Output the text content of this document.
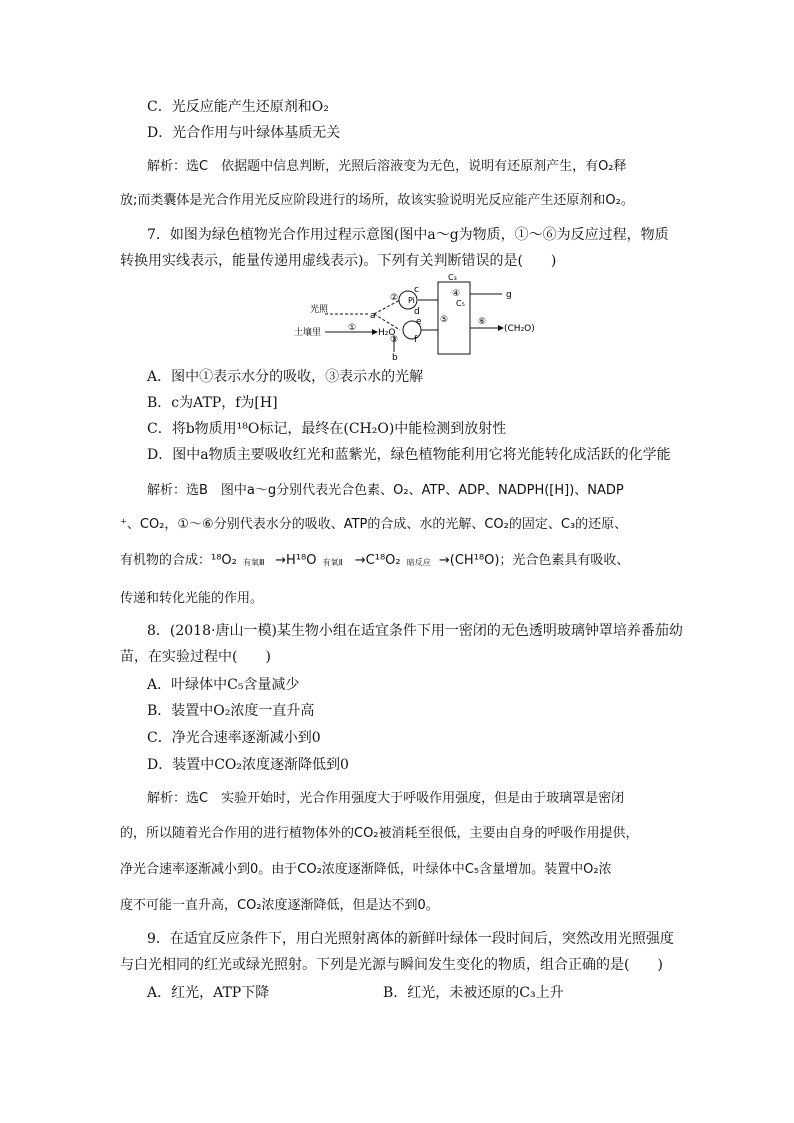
C．光反应能产生还原剂和O₂
D．光合作用与叶绿体基质无关
解析：选C　依据题中信息判断，光照后溶液变为无色，说明有还原剂产生，有O₂释
放;而类囊体是光合作用光反应阶段进行的场所，故该实验说明光反应能产生还原剂和O₂。
7．如图为绿色植物光合作用过程示意图(图中a～g为物质，①～⑥为反应过程，物质
转换用实线表示，能量传递用虚线表示)。下列有关判断错误的是(　　)
光照
土壤里	H₂O
a
b
c
d
e
f
g
Pi
C₃
C₅
(CH₂O)
①
②
③
④
⑤	⑥
A．图中①表示水分的吸收，③表示水的光解
B．c为ATP，f为[H]
C．将b物质用¹⁸O标记，最终在(CH₂O)中能检测到放射性
D．图中a物质主要吸收红光和蓝紫光，绿色植物能利用它将光能转化成活跃的化学能
解析：选B　图中a～g分别代表光合色素、O₂、ATP、ADP、NADPH([H])、NADP
⁺、CO₂，①～⑥分别代表水分的吸收、ATP的合成、水的光解、CO₂的固定、C₃的还原、
有机物的合成：¹⁸O₂ 有氧Ⅲ →H¹⁸O 有氧Ⅱ →C¹⁸O₂ 暗反应 →(CH¹⁸O)；光合色素具有吸收、
传递和转化光能的作用。
8．(2018·唐山一模)某生物小组在适宜条件下用一密闭的无色透明玻璃钟罩培养番茄幼
苗，在实验过程中(　　)
A．叶绿体中C₅含量减少
B．装置中O₂浓度一直升高
C．净光合速率逐渐减小到0
D．装置中CO₂浓度逐渐降低到0
解析：选C　实验开始时，光合作用强度大于呼吸作用强度，但是由于玻璃罩是密闭
的，所以随着光合作用的进行植物体外的CO₂被消耗至很低，主要由自身的呼吸作用提供，
净光合速率逐渐减小到0。由于CO₂浓度逐渐降低，叶绿体中C₅含量增加。装置中O₂浓
度不可能一直升高，CO₂浓度逐渐降低，但是达不到0。
9．在适宜反应条件下，用白光照射离体的新鲜叶绿体一段时间后，突然改用光照强度
与白光相同的红光或绿光照射。下列是光源与瞬间发生变化的物质，组合正确的是(　　)
A．红光，ATP下降	B．红光，未被还原的C₃上升
